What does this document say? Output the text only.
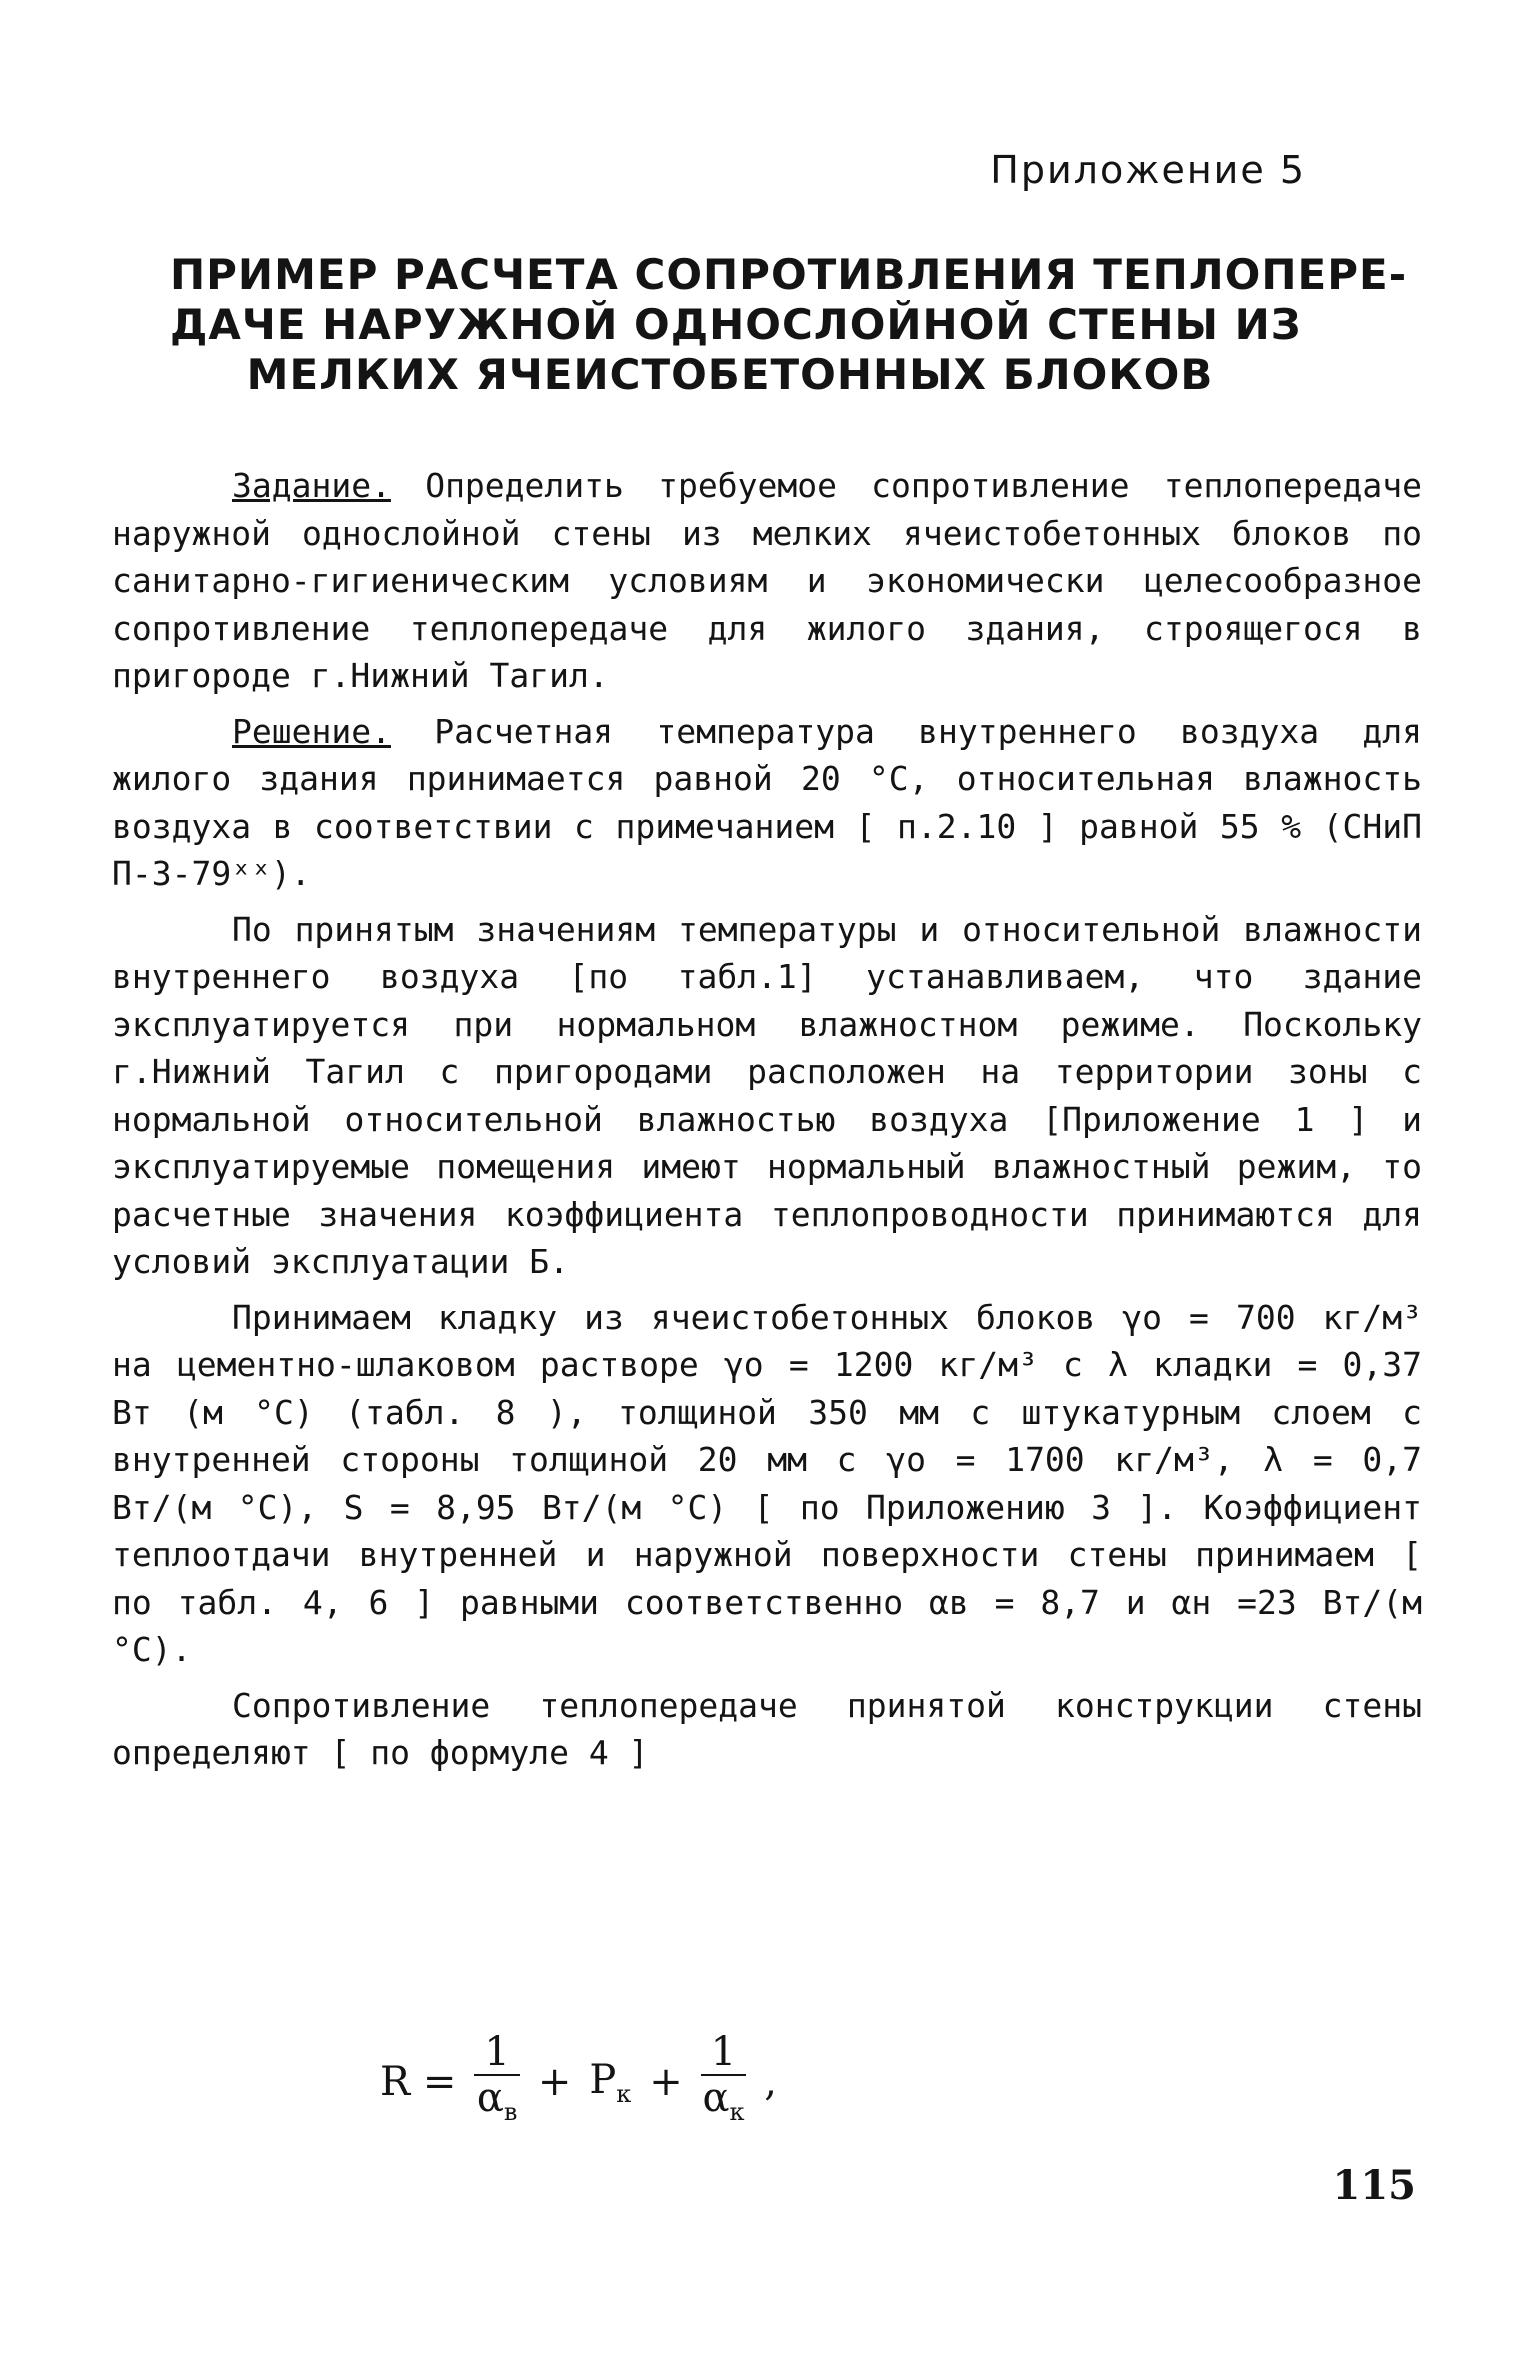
Приложение 5
ПРИМЕР РАСЧЕТА СОПРОТИВЛЕНИЯ ТЕПЛОПЕРЕ-
ДАЧЕ НАРУЖНОЙ ОДНОСЛОЙНОЙ СТЕНЫ ИЗ
МЕЛКИХ ЯЧЕИСТОБЕТОННЫХ БЛОКОВ

Задание. Определить требуемое сопротивление теплопередаче наружной однослойной стены из мелких ячеистобетонных блоков по санитарно-гигиеническим условиям и экономически целесообразное сопротивление теплопередаче для жилого здания, строящегося в пригороде г.Нижний Тагил.

Решение. Расчетная температура внутреннего воздуха для жилого здания принимается равной 20 °С, относительная влажность воздуха в соответствии с примечанием [ п.2.10 ] равной 55 % (СНиП П-3-79ˣˣ).

По принятым значениям температуры и относительной влажности внутреннего воздуха [по табл.1] устанавливаем, что здание эксплуатируется при нормальном влажностном режиме. Поскольку г.Нижний Тагил с пригородами расположен на территории зоны с нормальной относительной влажностью воздуха [Приложение 1 ] и эксплуатируемые помещения имеют нормальный влажностный режим, то расчетные значения коэффициента теплопроводности принимаются для условий эксплуатации Б.

Принимаем кладку из ячеистобетонных блоков γо = 700 кг/м³ на цементно-шлаковом растворе γо = 1200 кг/м³ с λ кладки = 0,37 Вт (м °С) (табл. 8 ), толщиной 350 мм с штукатурным слоем с внутренней стороны толщиной 20 мм с γо = 1700 кг/м³, λ = 0,7 Вт/(м °С), S = 8,95 Вт/(м °С) [ по Приложению 3 ]. Коэффициент теплоотдачи внутренней и наружной поверхности стены принимаем [ по табл. 4, 6 ] равными соответственно αв = 8,7 и αн =23 Вт/(м °С).

Сопротивление теплопередаче принятой конструкции стены определяют [ по формуле 4 ]

$R = \frac{1}{\alpha_в} + P_к + \frac{1}{\alpha_к}$ ,
115
